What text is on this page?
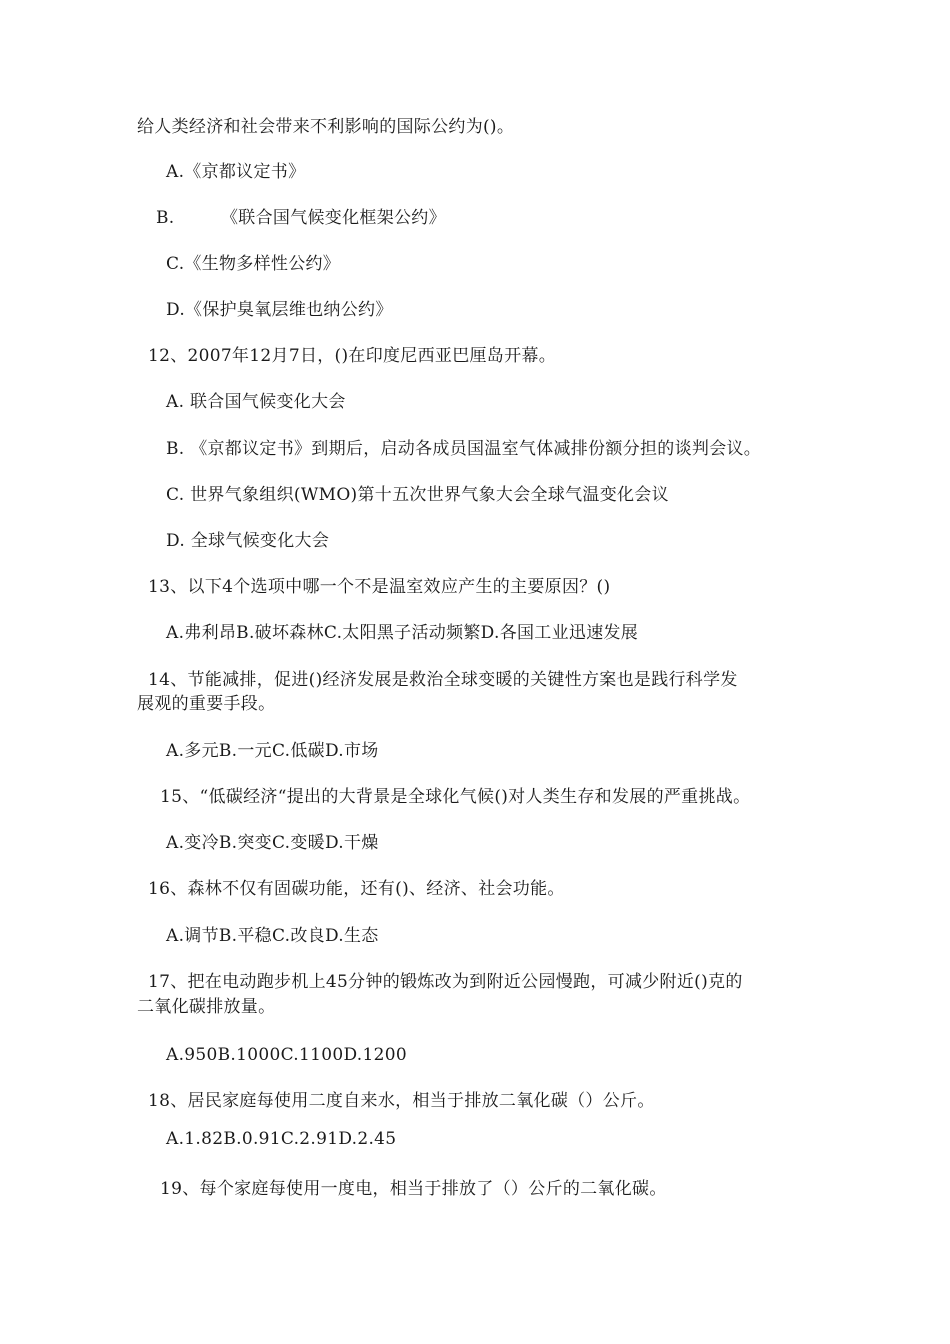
给人类经济和社会带来不利影响的国际公约为()。
A.《京都议定书》
B.	《联合国气候变化框架公约》
C.《生物多样性公约》
D.《保护臭氧层维也纳公约》
12、2007年12月7日，()在印度尼西亚巴厘岛开幕。
A. 联合国气候变化大会
B. 《京都议定书》到期后，启动各成员国温室气体减排份额分担的谈判会议。
C. 世界气象组织(WMO)第十五次世界气象大会全球气温变化会议
D. 全球气候变化大会
13、以下4个选项中哪一个不是温室效应产生的主要原因？()
A.弗利昂B.破坏森林C.太阳黑子活动频繁D.各国工业迅速发展
14、节能减排，促进()经济发展是救治全球变暖的关键性方案也是践行科学发
展观的重要手段。
A.多元B.一元C.低碳D.市场
15、“低碳经济“提出的大背景是全球化气候()对人类生存和发展的严重挑战。
A.变冷B.突变C.变暖D.干燥
16、森林不仅有固碳功能，还有()、经济、社会功能。
A.调节B.平稳C.改良D.生态
17、把在电动跑步机上45分钟的锻炼改为到附近公园慢跑，可减少附近()克的
二氧化碳排放量。
A.950B.1000C.1100D.1200
18、居民家庭每使用二度自来水，相当于排放二氧化碳（）公斤。
A.1.82B.0.91C.2.91D.2.45
19、每个家庭每使用一度电，相当于排放了（）公斤的二氧化碳。
